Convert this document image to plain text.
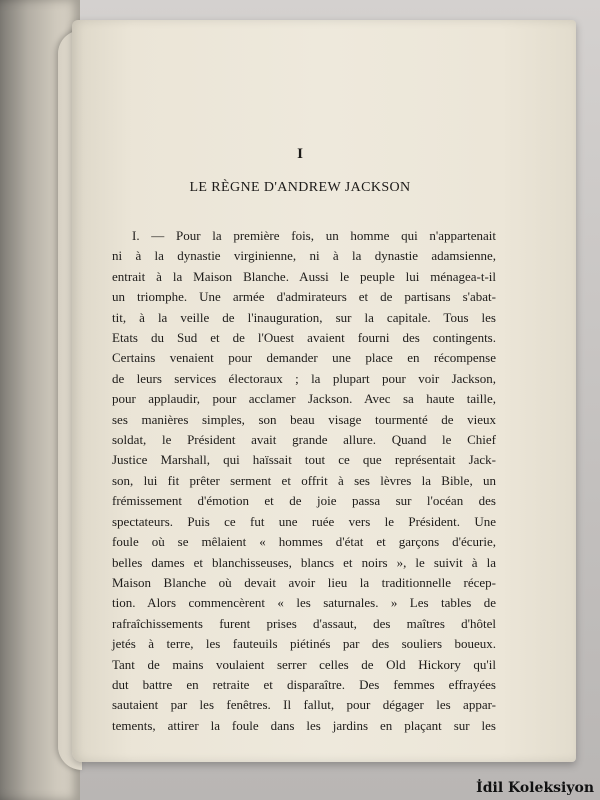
I
LE RÈGNE D'ANDREW JACKSON
I. — Pour la première fois, un homme qui n'appartenait
ni à la dynastie virginienne, ni à la dynastie adamsienne,
entrait à la Maison Blanche. Aussi le peuple lui ménagea-t-il
un triomphe. Une armée d'admirateurs et de partisans s'abat-
tit, à la veille de l'inauguration, sur la capitale. Tous les
Etats du Sud et de l'Ouest avaient fourni des contingents.
Certains venaient pour demander une place en récompense
de leurs services électoraux ; la plupart pour voir Jackson,
pour applaudir, pour acclamer Jackson. Avec sa haute taille,
ses manières simples, son beau visage tourmenté de vieux
soldat, le Président avait grande allure. Quand le Chief
Justice Marshall, qui haïssait tout ce que représentait Jack-
son, lui fit prêter serment et offrit à ses lèvres la Bible, un
frémissement d'émotion et de joie passa sur l'océan des
spectateurs. Puis ce fut une ruée vers le Président. Une
foule où se mêlaient « hommes d'état et garçons d'écurie,
belles dames et blanchisseuses, blancs et noirs », le suivit à la
Maison Blanche où devait avoir lieu la traditionnelle récep-
tion. Alors commencèrent « les saturnales. » Les tables de
rafraîchissements furent prises d'assaut, des maîtres d'hôtel
jetés à terre, les fauteuils piétinés par des souliers boueux.
Tant de mains voulaient serrer celles de Old Hickory qu'il
dut battre en retraite et disparaître. Des femmes effrayées
sautaient par les fenêtres. Il fallut, pour dégager les appar-
tements, attirer la foule dans les jardins en plaçant sur les
İdil Koleksiyon
